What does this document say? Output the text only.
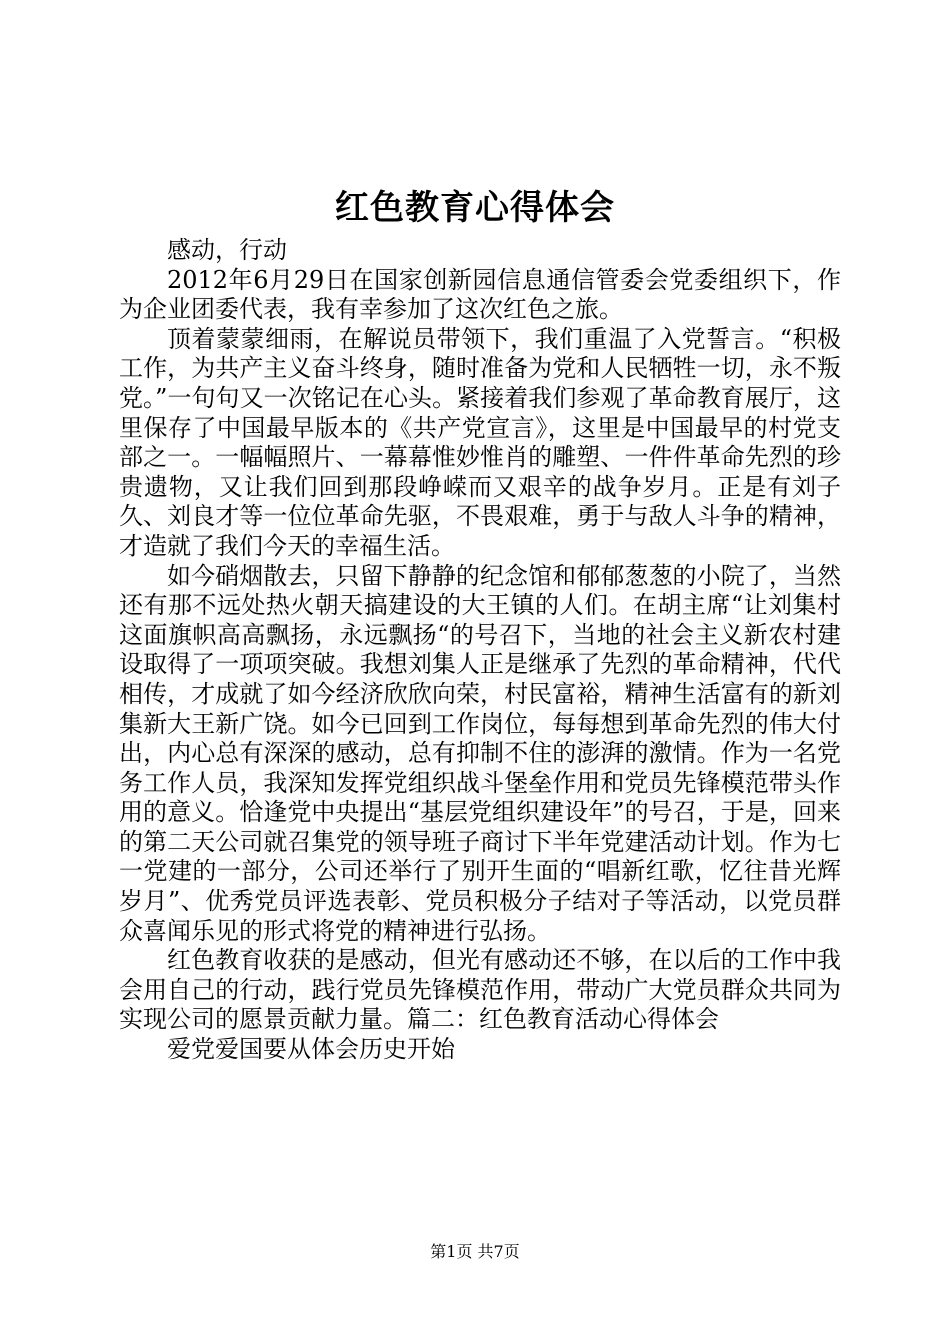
红色教育心得体会

感动，行动

2012年6月29日在国家创新园信息通信管委会党委组织下，作为企业团委代表，我有幸参加了这次红色之旅。

顶着蒙蒙细雨，在解说员带领下，我们重温了入党誓言。“积极工作，为共产主义奋斗终身，随时准备为党和人民牺牲一切，永不叛党。”一句句又一次铭记在心头。紧接着我们参观了革命教育展厅，这里保存了中国最早版本的《共产党宣言》，这里是中国最早的村党支部之一。一幅幅照片、一幕幕惟妙惟肖的雕塑、一件件革命先烈的珍贵遗物，又让我们回到那段峥嵘而又艰辛的战争岁月。正是有刘子久、刘良才等一位位革命先驱，不畏艰难，勇于与敌人斗争的精神，才造就了我们今天的幸福生活。

如今硝烟散去，只留下静静的纪念馆和郁郁葱葱的小院了，当然还有那不远处热火朝天搞建设的大王镇的人们。在胡主席“让刘集村这面旗帜高高飘扬，永远飘扬“的号召下，当地的社会主义新农村建设取得了一项项突破。我想刘集人正是继承了先烈的革命精神，代代相传，才成就了如今经济欣欣向荣，村民富裕，精神生活富有的新刘集新大王新广饶。如今已回到工作岗位，每每想到革命先烈的伟大付出，内心总有深深的感动，总有抑制不住的澎湃的激情。作为一名党务工作人员，我深知发挥党组织战斗堡垒作用和党员先锋模范带头作用的意义。恰逢党中央提出“基层党组织建设年”的号召，于是，回来的第二天公司就召集党的领导班子商讨下半年党建活动计划。作为七一党建的一部分，公司还举行了别开生面的“唱新红歌，忆往昔光辉岁月”、优秀党员评选表彰、党员积极分子结对子等活动，以党员群众喜闻乐见的形式将党的精神进行弘扬。

红色教育收获的是感动，但光有感动还不够，在以后的工作中我会用自己的行动，践行党员先锋模范作用，带动广大党员群众共同为实现公司的愿景贡献力量。篇二：红色教育活动心得体会

爱党爱国要从体会历史开始

第1页 共7页
